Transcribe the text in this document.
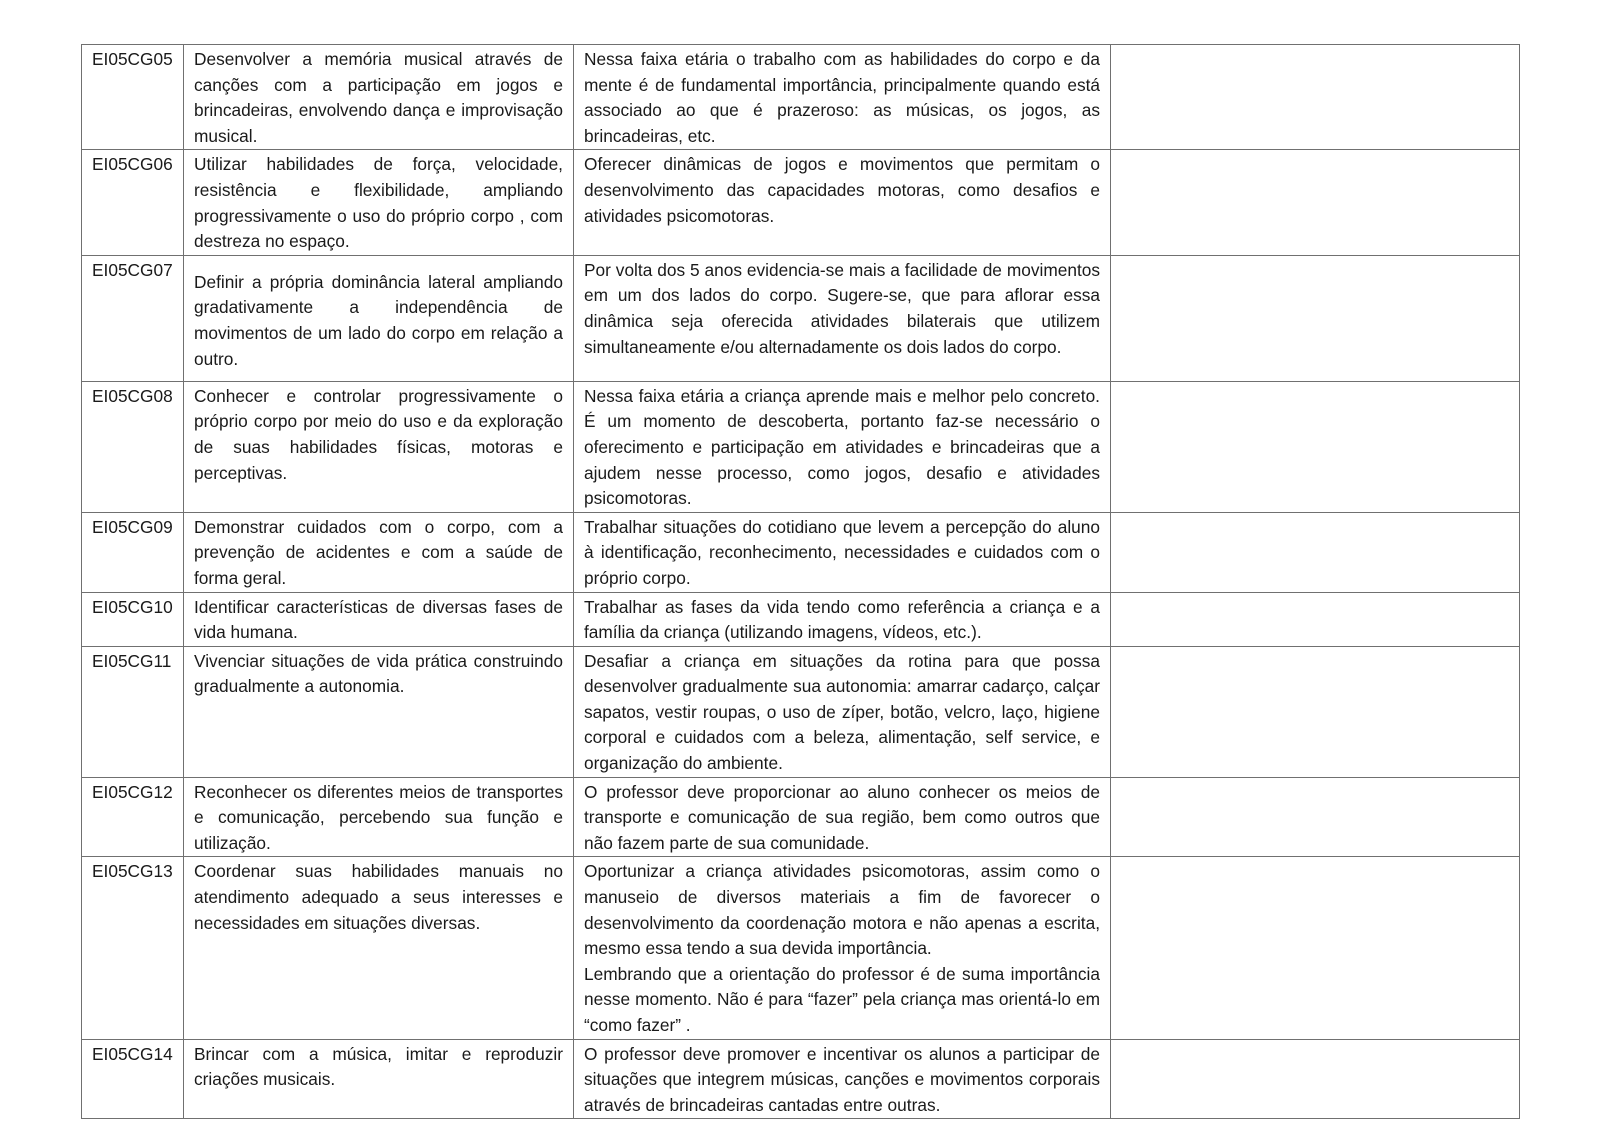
EI05CG05	Desenvolver a memória musical através de canções com a participação em jogos e brincadeiras, envolvendo dança e improvisação musical.	Nessa faixa etária o trabalho com as habilidades do corpo e da mente é de fundamental importância, principalmente quando está associado ao que é prazeroso: as músicas, os jogos, as brincadeiras, etc.	

EI05CG06	Utilizar habilidades de força, velocidade, resistência e flexibilidade, ampliando progressivamente o uso do próprio corpo , com destreza no espaço.	Oferecer dinâmicas de jogos e movimentos que permitam o desenvolvimento das capacidades motoras, como desafios e atividades psicomotoras.	

EI05CG07	Definir a própria dominância lateral ampliando gradativamente a independência de movimentos de um lado do corpo em relação a outro.	Por volta dos 5 anos evidencia-se mais a facilidade de movimentos em um dos lados do corpo. Sugere-se, que para aflorar essa dinâmica seja oferecida atividades bilaterais que utilizem simultaneamente e/ou alternadamente os dois lados do corpo.	

EI05CG08	Conhecer e controlar progressivamente o próprio corpo por meio do uso e da exploração de suas habilidades físicas, motoras e perceptivas.	Nessa faixa etária a criança aprende mais e melhor pelo concreto. É um momento de descoberta, portanto faz-se necessário o oferecimento e participação em atividades e brincadeiras que a ajudem nesse processo, como jogos, desafio e atividades psicomotoras.	

EI05CG09	Demonstrar cuidados com o corpo, com a prevenção de acidentes e com a saúde de forma geral.	Trabalhar situações do cotidiano que levem a percepção do aluno à identificação, reconhecimento, necessidades e cuidados com o próprio corpo.	

EI05CG10	Identificar características de diversas fases de vida humana.	Trabalhar as fases da vida tendo como referência a criança e a família da criança (utilizando imagens, vídeos, etc.).	

EI05CG11	Vivenciar situações de vida prática construindo gradualmente a autonomia.	Desafiar a criança em situações da rotina para que possa desenvolver gradualmente sua autonomia: amarrar cadarço, calçar sapatos, vestir roupas, o uso de zíper, botão, velcro, laço, higiene corporal e cuidados com a beleza, alimentação, self service, e organização do ambiente.	

EI05CG12	Reconhecer os diferentes meios de transportes e comunicação, percebendo sua função e utilização.	O professor deve proporcionar ao aluno conhecer os meios de transporte e comunicação de sua região, bem como outros que não fazem parte de sua comunidade.	

EI05CG13	Coordenar suas habilidades manuais no atendimento adequado a seus interesses e necessidades em situações diversas.	Oportunizar a criança atividades psicomotoras, assim como o manuseio de diversos materiais a fim de favorecer o desenvolvimento da coordenação motora e não apenas a escrita, mesmo essa tendo a sua devida importância.
Lembrando que a orientação do professor é de suma importância nesse momento. Não é para “fazer” pela criança mas orientá-lo em “como fazer” .	

EI05CG14	Brincar com a música, imitar e reproduzir criações musicais.	O professor deve promover e incentivar os alunos a participar de situações que integrem músicas, canções e movimentos corporais através de brincadeiras cantadas entre outras.	
